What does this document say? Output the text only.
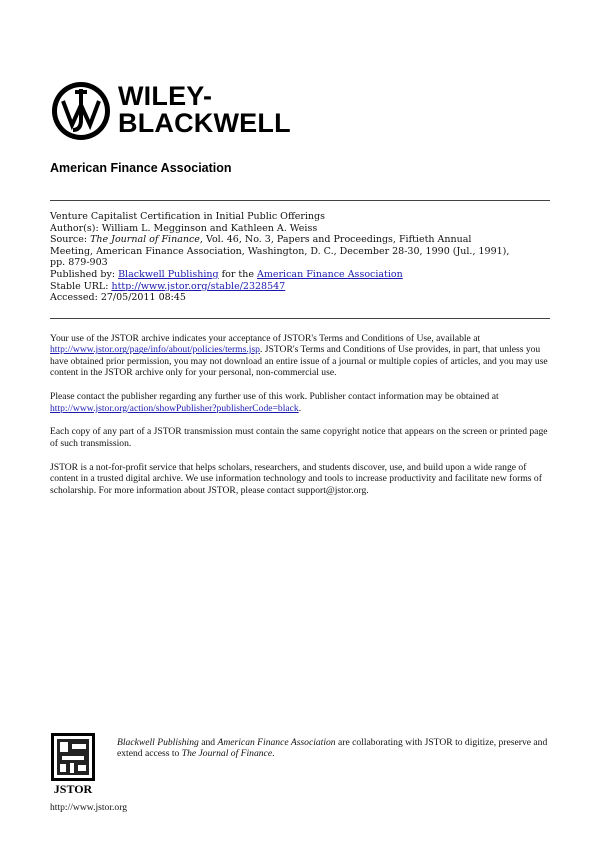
WILEY-
BLACKWELL
American Finance Association
Venture Capitalist Certification in Initial Public Offerings
Author(s): William L. Megginson and Kathleen A. Weiss
Source: The Journal of Finance, Vol. 46, No. 3, Papers and Proceedings, Fiftieth Annual
Meeting, American Finance Association, Washington, D. C., December 28-30, 1990 (Jul., 1991),
pp. 879-903
Published by: Blackwell Publishing for the American Finance Association
Stable URL: http://www.jstor.org/stable/2328547
Accessed: 27/05/2011 08:45

Your use of the JSTOR archive indicates your acceptance of JSTOR's Terms and Conditions of Use, available at http://www.jstor.org/page/info/about/policies/terms.jsp. JSTOR's Terms and Conditions of Use provides, in part, that unless you have obtained prior permission, you may not download an entire issue of a journal or multiple copies of articles, and you may use content in the JSTOR archive only for your personal, non-commercial use.

Please contact the publisher regarding any further use of this work. Publisher contact information may be obtained at http://www.jstor.org/action/showPublisher?publisherCode=black.

Each copy of any part of a JSTOR transmission must contain the same copyright notice that appears on the screen or printed page of such transmission.

JSTOR is a not-for-profit service that helps scholars, researchers, and students discover, use, and build upon a wide range of content in a trusted digital archive. We use information technology and tools to increase productivity and facilitate new forms of scholarship. For more information about JSTOR, please contact support@jstor.org.

JSTOR
Blackwell Publishing and American Finance Association are collaborating with JSTOR to digitize, preserve and extend access to The Journal of Finance.
http://www.jstor.org
